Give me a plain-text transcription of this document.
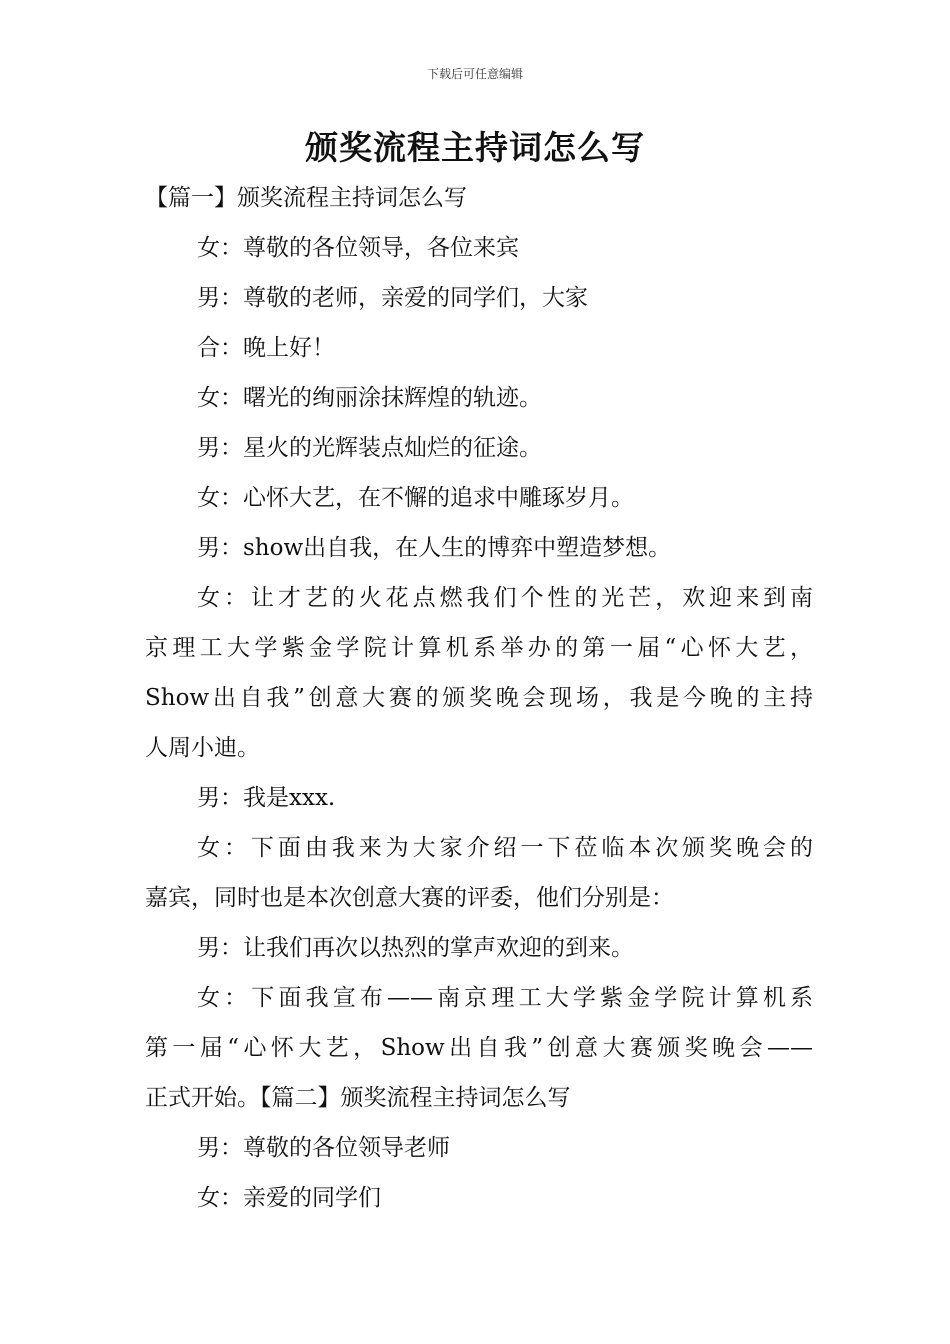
下载后可任意编辑
颁奖流程主持词怎么写

【篇一】颁奖流程主持词怎么写

女：尊敬的各位领导，各位来宾

男：尊敬的老师，亲爱的同学们，大家

合：晚上好！

女：曙光的绚丽涂抹辉煌的轨迹。

男：星火的光辉装点灿烂的征途。

女：心怀大艺，在不懈的追求中雕琢岁月。

男：show出自我，在人生的博弈中塑造梦想。

女：让才艺的火花点燃我们个性的光芒，欢迎来到南

京理工大学紫金学院计算机系举办的第一届“心怀大艺，

Show出自我”创意大赛的颁奖晚会现场，我是今晚的主持

人周小迪。

男：我是xxx.

女：下面由我来为大家介绍一下莅临本次颁奖晚会的

嘉宾，同时也是本次创意大赛的评委，他们分别是：

男：让我们再次以热烈的掌声欢迎的到来。

女：下面我宣布——南京理工大学紫金学院计算机系

第一届“心怀大艺，Show出自我”创意大赛颁奖晚会——

正式开始。【篇二】颁奖流程主持词怎么写

男：尊敬的各位领导老师

女：亲爱的同学们
